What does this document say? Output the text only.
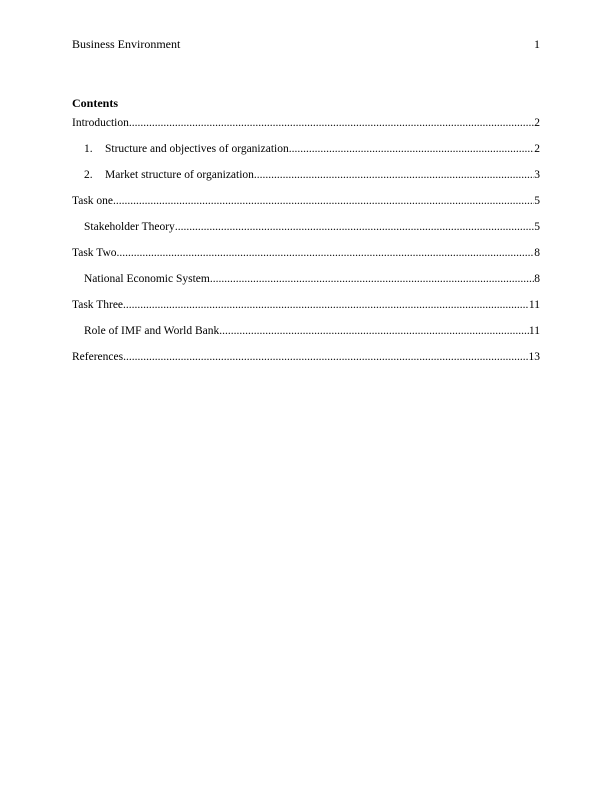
Business Environment	1
Contents
Introduction .....	2
1.	Structure and objectives of organization .....	2
2.	Market structure of organization .....	3
Task one .....	5
Stakeholder Theory .....	5
Task Two .....	8
National Economic System .....	8
Task Three .....	11
Role of IMF and World Bank .....	11
References .....	13
